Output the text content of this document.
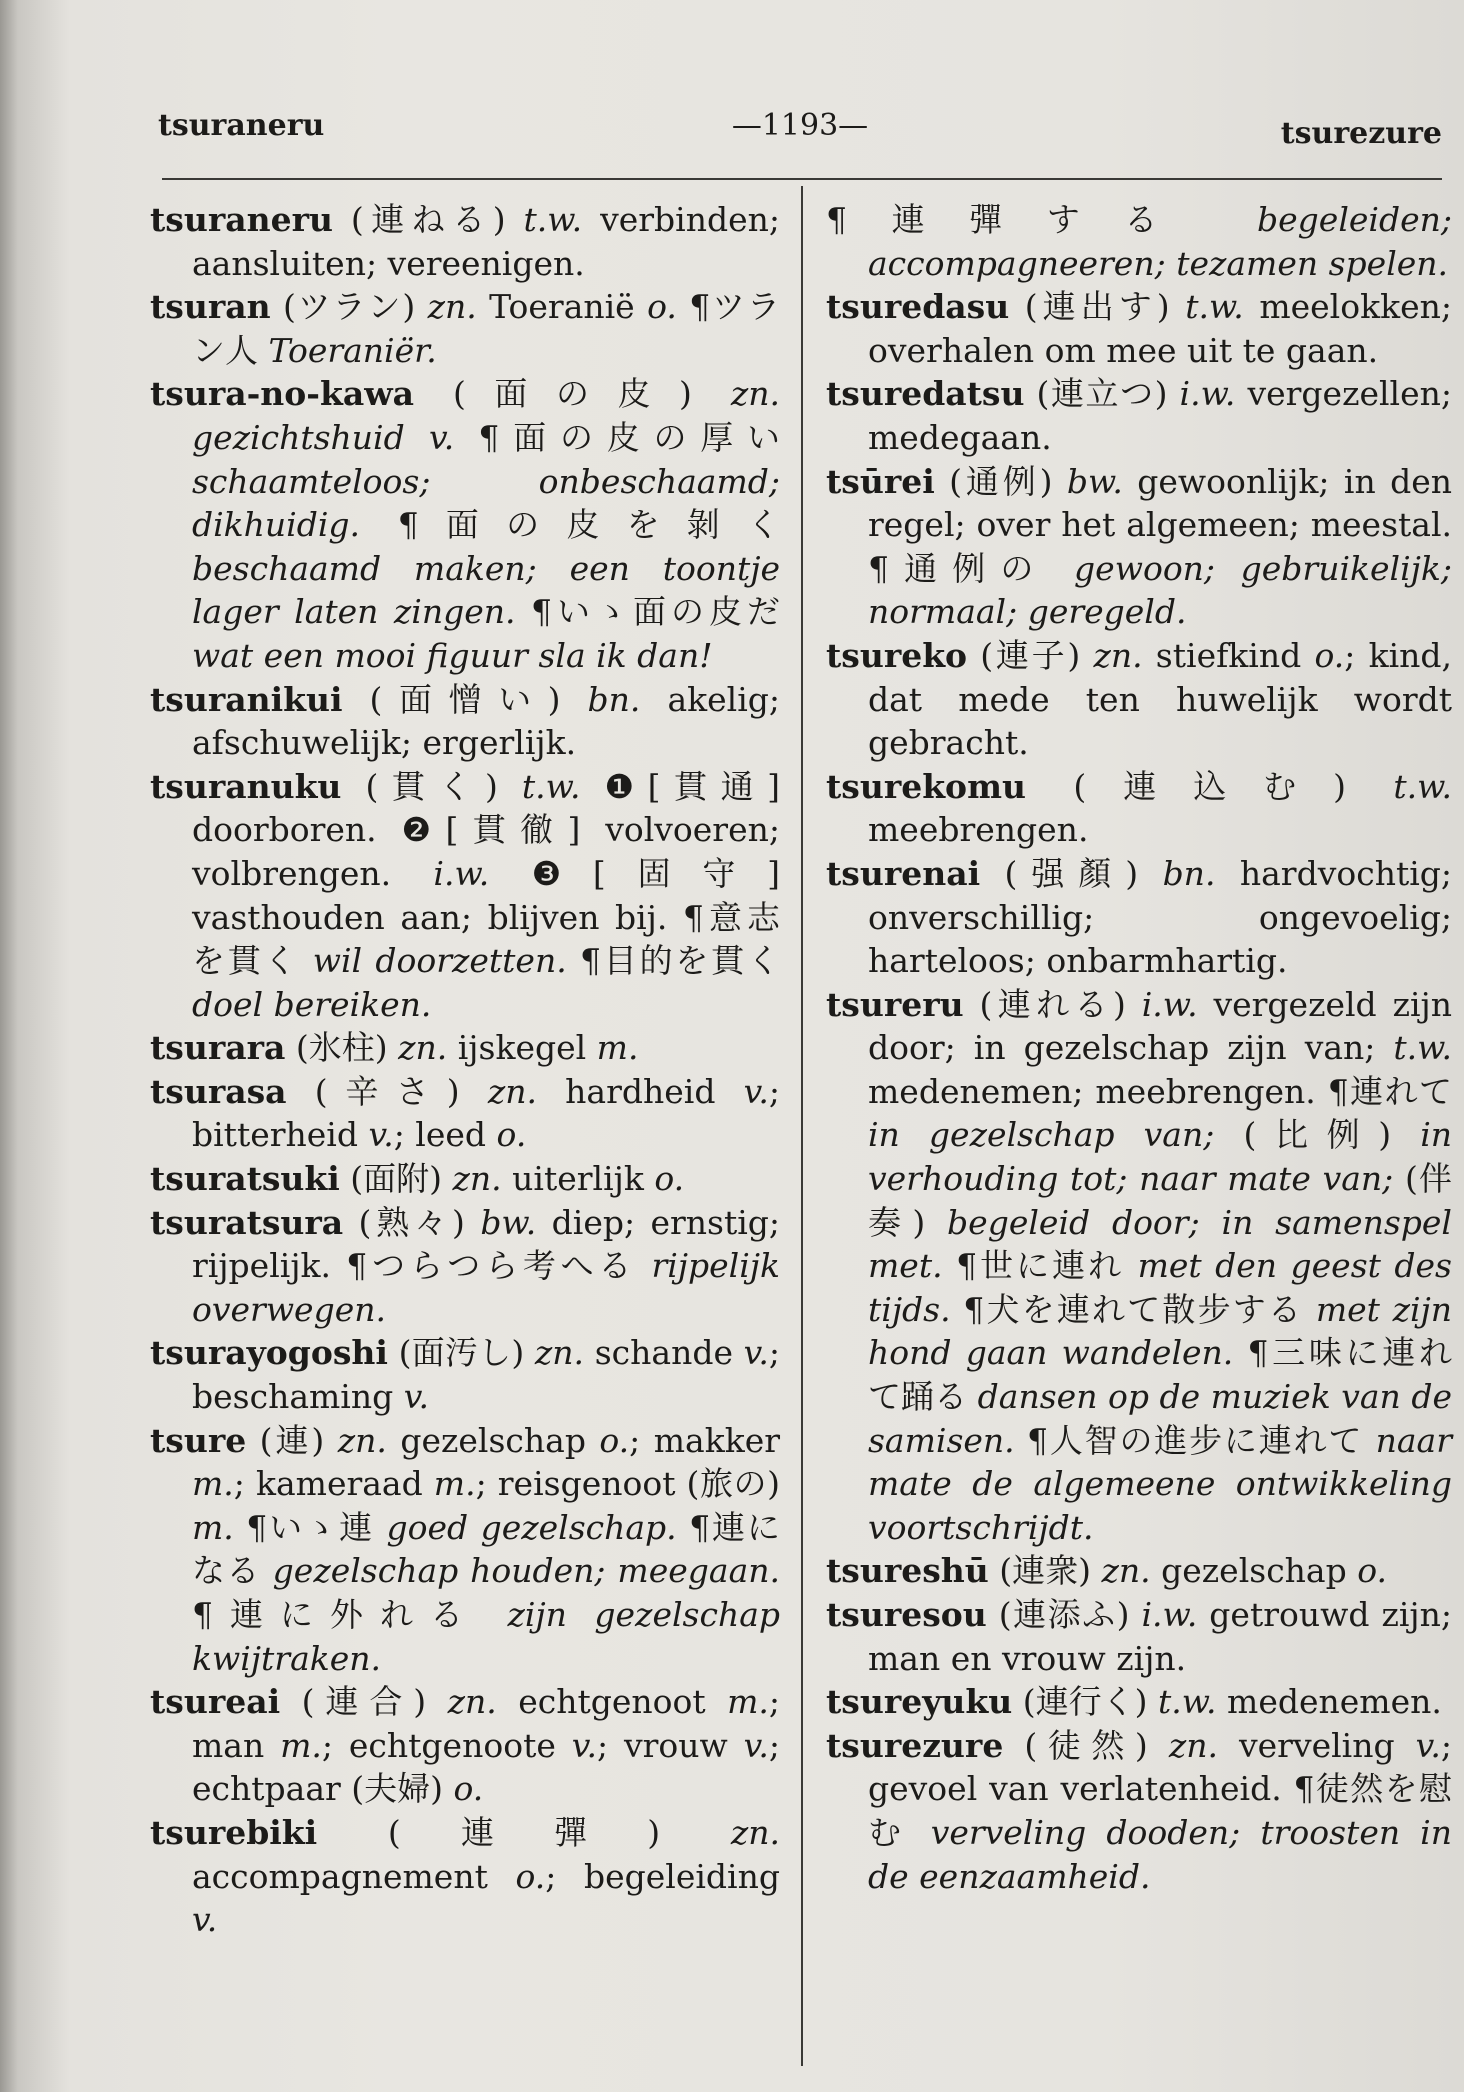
tsuraneru	—1193—	tsurezure

tsuraneru (連ねる) t.w. verbinden; aansluiten; vereenigen.

tsuran (ツラン) zn. Toeranië o. ¶ツラン人 Toeraniër.

tsura-no-kawa (面の皮) zn. gezichtshuid v. ¶面の皮の厚い schaamteloos; onbeschaamd; dikhuidig. ¶面の皮を剝く beschaamd maken; een toontje lager laten zingen. ¶いゝ面の皮だ wat een mooi figuur sla ik dan!

tsuranikui (面憎い) bn. akelig; afschuwelijk; ergerlijk.

tsuranuku (貫く) t.w. ❶[貫通] doorboren. ❷[貫徹] volvoeren; volbrengen. i.w. ❸[固守] vasthouden aan; blijven bij. ¶意志を貫く wil doorzetten. ¶目的を貫く doel bereiken.

tsurara (氷柱) zn. ijskegel m.

tsurasa (辛さ) zn. hardheid v.; bitterheid v.; leed o.

tsuratsuki (面附) zn. uiterlijk o.

tsuratsura (熟々) bw. diep; ernstig; rijpelijk. ¶つらつら考へる rijpelijk overwegen.

tsurayogoshi (面汚し) zn. schande v.; beschaming v.

tsure (連) zn. gezelschap o.; makker m.; kameraad m.; reisgenoot (旅の) m. ¶いゝ連 goed gezelschap. ¶連になる gezelschap houden; meegaan. ¶連に外れる zijn gezelschap kwijtraken.

tsureai (連合) zn. echtgenoot m.; man m.; echtgenoote v.; vrouw v.; echtpaar (夫婦) o.

tsurebiki (連彈) zn. accompagnement o.; begeleiding v.

¶連彈する begeleiden; accompagneeren; tezamen spelen.

tsuredasu (連出す) t.w. meelokken; overhalen om mee uit te gaan.

tsuredatsu (連立つ) i.w. vergezellen; medegaan.

tsūrei (通例) bw. gewoonlijk; in den regel; over het algemeen; meestal. ¶通例の gewoon; gebruikelijk; normaal; geregeld.

tsureko (連子) zn. stiefkind o.; kind, dat mede ten huwelijk wordt gebracht.

tsurekomu (連込む) t.w. meebrengen.

tsurenai (强顏) bn. hardvochtig; onverschillig; ongevoelig; harteloos; onbarmhartig.

tsureru (連れる) i.w. vergezeld zijn door; in gezelschap zijn van; t.w. medenemen; meebrengen. ¶連れて in gezelschap van; (比例) in verhouding tot; naar mate van; (伴奏) begeleid door; in samenspel met. ¶世に連れ met den geest des tijds. ¶犬を連れて散步する met zijn hond gaan wandelen. ¶三味に連れて踊る dansen op de muziek van de samisen. ¶人智の進步に連れて naar mate de algemeene ontwikkeling voortschrijdt.

tsureshū (連衆) zn. gezelschap o.

tsuresou (連添ふ) i.w. getrouwd zijn; man en vrouw zijn.

tsureyuku (連行く) t.w. medenemen.

tsurezure (徒然) zn. verveling v.; gevoel van verlatenheid. ¶徒然を慰む verveling dooden; troosten in de eenzaamheid.
